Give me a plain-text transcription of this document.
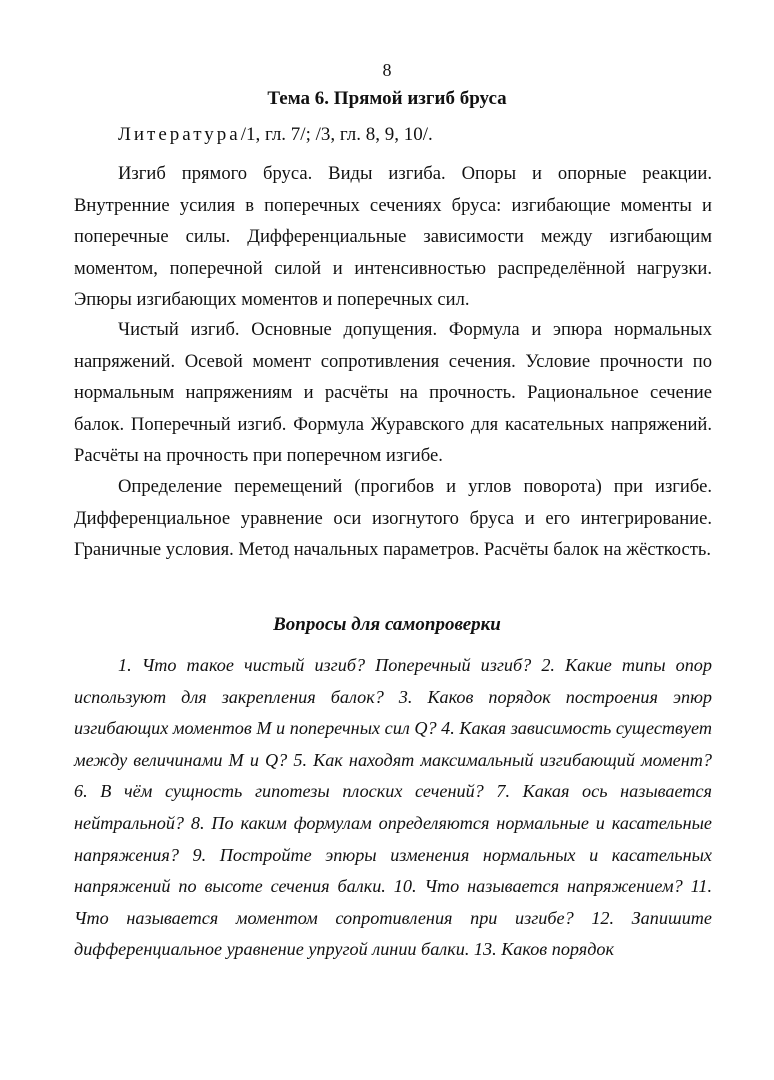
8
Тема 6. Прямой изгиб бруса
Литература/1, гл. 7/; /3, гл. 8, 9, 10/.

Изгиб прямого бруса. Виды изгиба. Опоры и опорные реакции. Внутренние усилия в поперечных сечениях бруса: изгибающие моменты и поперечные силы. Дифференциальные зависимости между изгибающим моментом, поперечной силой и интенсивностью распределённой нагрузки. Эпюры изгибающих моментов и поперечных сил.

Чистый изгиб. Основные допущения. Формула и эпюра нормальных напряжений. Осевой момент сопротивления сечения. Условие прочности по нормальным напряжениям и расчёты на прочность. Рациональное сечение балок. Поперечный изгиб. Формула Журавского для касательных напряжений. Расчёты на прочность при поперечном изгибе.

Определение перемещений (прогибов и углов поворота) при изгибе. Дифференциальное уравнение оси изогнутого бруса и его интегрирование. Граничные условия. Метод начальных параметров. Расчёты балок на жёсткость.

Вопросы для самопроверки

1. Что такое чистый изгиб? Поперечный изгиб? 2. Какие типы опор используют для закрепления балок? 3. Каков порядок построения эпюр изгибающих моментов M и поперечных сил Q? 4. Какая зависимость существует между величинами M и Q? 5. Как находят максимальный изгибающий момент? 6. В чём сущность гипотезы плоских сечений? 7. Какая ось называется нейтральной? 8. По каким формулам определяются нормальные и касательные напряжения? 9. Постройте эпюры изменения нормальных и касательных напряжений по высоте сечения балки. 10. Что называется напряжением? 11. Что называется моментом сопротивления при изгибе? 12. Запишите дифференциальное уравнение упругой линии балки. 13. Каков порядок
